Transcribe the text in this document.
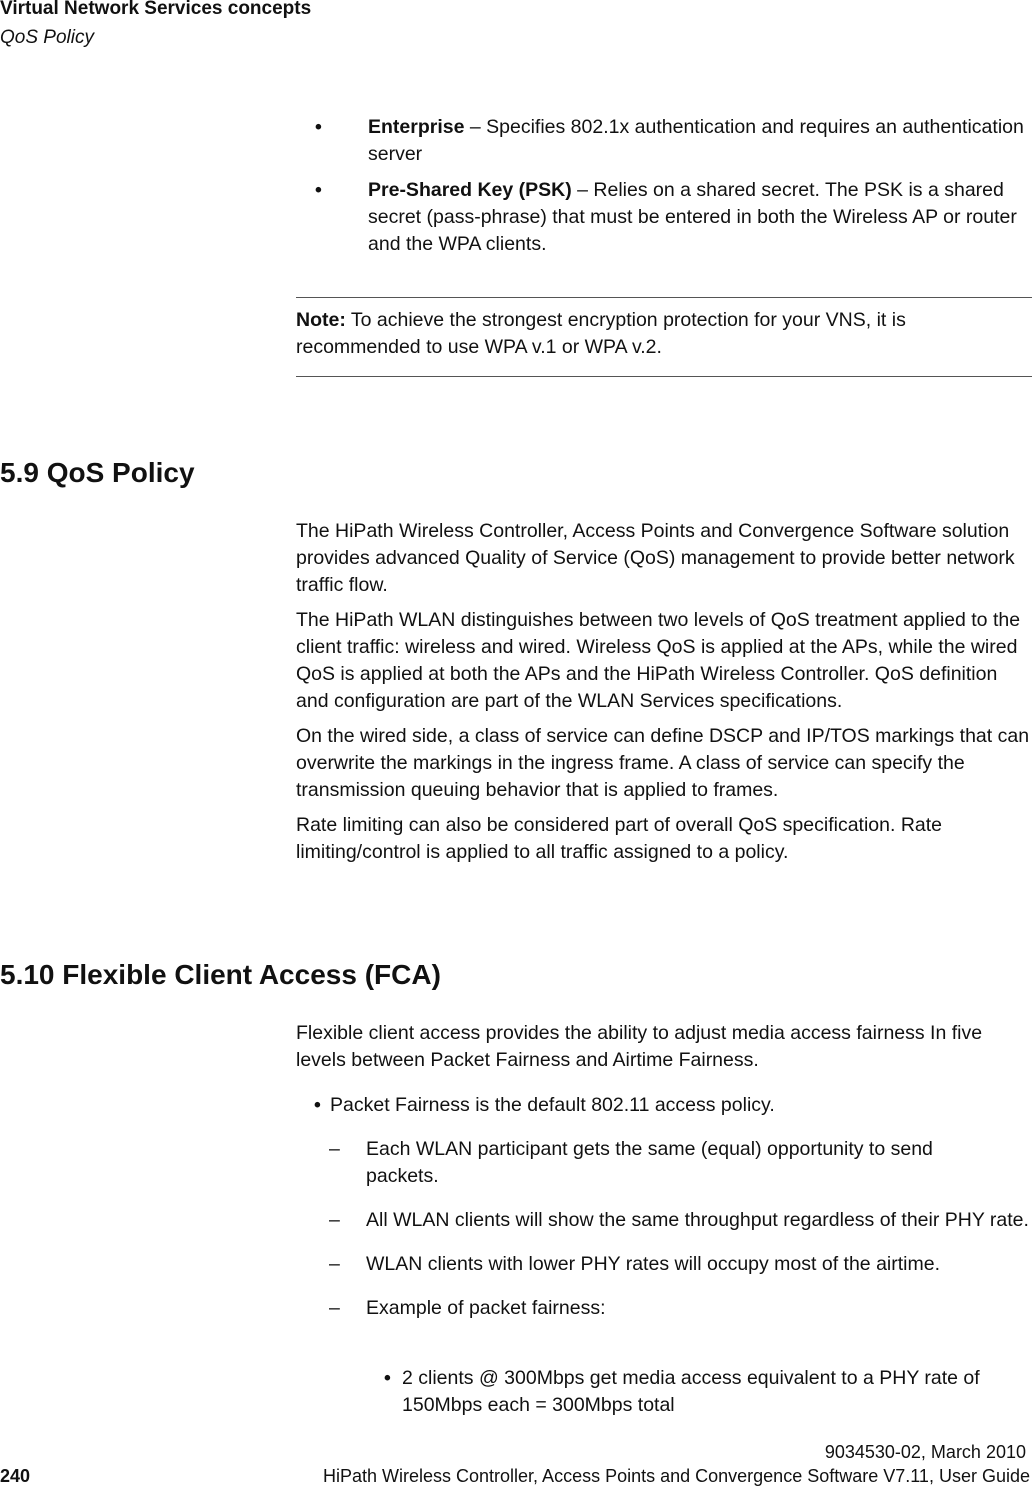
Virtual Network Services concepts
QoS Policy
•	Enterprise – Specifies 802.1x authentication and requires an authentication server
•	Pre-Shared Key (PSK) – Relies on a shared secret. The PSK is a shared secret (pass-phrase) that must be entered in both the Wireless AP or router and the WPA clients.
Note: To achieve the strongest encryption protection for your VNS, it is recommended to use WPA v.1 or WPA v.2.
5.9 QoS Policy

The HiPath Wireless Controller, Access Points and Convergence Software solution provides advanced Quality of Service (QoS) management to provide better network traffic flow.

The HiPath WLAN distinguishes between two levels of QoS treatment applied to the client traffic: wireless and wired. Wireless QoS is applied at the APs, while the wired QoS is applied at both the APs and the HiPath Wireless Controller. QoS definition and configuration are part of the WLAN Services specifications.

On the wired side, a class of service can define DSCP and IP/TOS markings that can overwrite the markings in the ingress frame. A class of service can specify the transmission queuing behavior that is applied to frames.

Rate limiting can also be considered part of overall QoS specification. Rate limiting/control is applied to all traffic assigned to a policy.

5.10 Flexible Client Access (FCA)
Flexible client access provides the ability to adjust media access fairness In five levels between Packet Fairness and Airtime Fairness.
• Packet Fairness is the default 802.11 access policy.
–	Each WLAN participant gets the same (equal) opportunity to send packets.
–	All WLAN clients will show the same throughput regardless of their PHY rate.
–	WLAN clients with lower PHY rates will occupy most of the airtime.
–	Example of packet fairness:
• 2 clients @ 300Mbps get media access equivalent to a PHY rate of 150Mbps each = 300Mbps total
9034530-02, March 2010
240	HiPath Wireless Controller, Access Points and Convergence Software V7.11, User Guide
